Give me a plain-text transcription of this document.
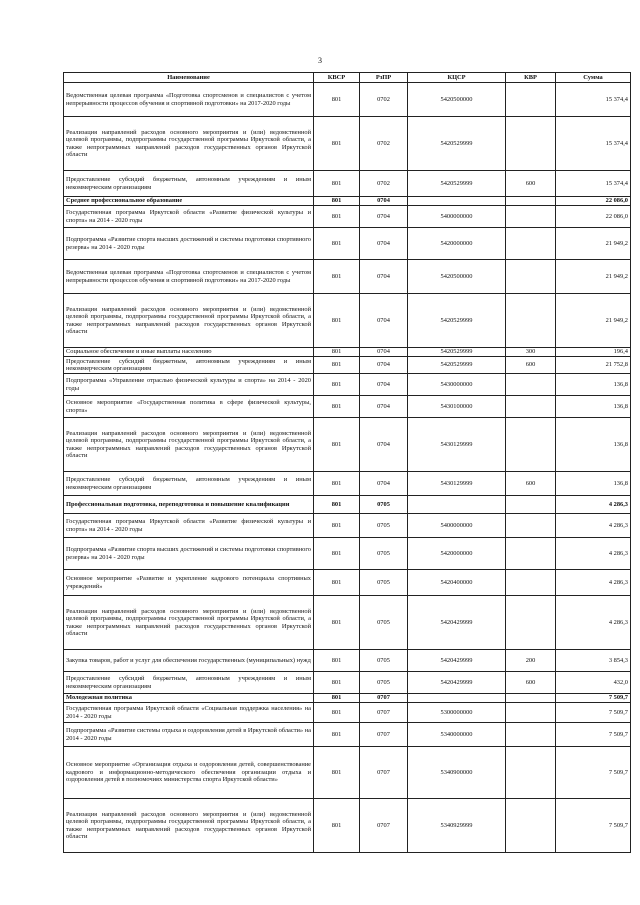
3
Наименование	КВСР	РзПР	КЦСР	КВР	Сумма
Ведомственная целевая программа «Подготовка спортсменов и специалистов с учетом непрерывности процессов обучения и спортивной подготовки» на 2017-2020 годы	801	0702	5420500000		15 374,4
Реализация направлений расходов основного мероприятия и (или) ведомственной целевой программы, подпрограммы государственной программы Иркутской области, а также непрограммных направлений расходов государственных органов Иркутской области	801	0702	5420529999		15 374,4
Предоставление субсидий бюджетным, автономным учреждениям и иным некоммерческим организациям	801	0702	5420529999	600	15 374,4
Среднее профессиональное образование	801	0704			22 086,0
Государственная программа Иркутской области «Развитие физической культуры и спорта» на 2014 - 2020 годы	801	0704	5400000000		22 086,0
Подпрограмма «Развитие спорта высших достижений и системы подготовки спортивного резерва» на 2014 - 2020 годы	801	0704	5420000000		21 949,2
Ведомственная целевая программа «Подготовка спортсменов и специалистов с учетом непрерывности процессов обучения и спортивной подготовки» на 2017-2020 годы	801	0704	5420500000		21 949,2
Реализация направлений расходов основного мероприятия и (или) ведомственной целевой программы, подпрограммы государственной программы Иркутской области, а также непрограммных направлений расходов государственных органов Иркутской области	801	0704	5420529999		21 949,2
Социальное обеспечение и иные выплаты населению	801	0704	5420529999	300	196,4
Предоставление субсидий бюджетным, автономным учреждениям и иным некоммерческим организациям	801	0704	5420529999	600	21 752,8
Подпрограмма «Управление отраслью физической культуры и спорта» на 2014 - 2020 годы	801	0704	5430000000		136,8
Основное мероприятие «Государственная политика в сфере физической культуры, спорта»	801	0704	5430100000		136,8
Реализация направлений расходов основного мероприятия и (или) ведомственной целевой программы, подпрограммы государственной программы Иркутской области, а также непрограммных направлений расходов государственных органов Иркутской области	801	0704	5430129999		136,8
Предоставление субсидий бюджетным, автономным учреждениям и иным некоммерческим организациям	801	0704	5430129999	600	136,8
Профессиональная подготовка, переподготовка и повышение квалификации	801	0705			4 286,3
Государственная программа Иркутской области «Развитие физической культуры и спорта» на 2014 - 2020 годы	801	0705	5400000000		4 286,3
Подпрограмма «Развитие спорта высших достижений и системы подготовки спортивного резерва» на 2014 - 2020 годы	801	0705	5420000000		4 286,3
Основное мероприятие «Развитие и укрепление кадрового потенциала спортивных учреждений»	801	0705	5420400000		4 286,3
Реализация направлений расходов основного мероприятия и (или) ведомственной целевой программы, подпрограммы государственной программы Иркутской области, а также непрограммных направлений расходов государственных органов Иркутской области	801	0705	5420429999		4 286,3
Закупка товаров, работ и услуг для обеспечения государственных (муниципальных) нужд	801	0705	5420429999	200	3 854,3
Предоставление субсидий бюджетным, автономным учреждениям и иным некоммерческим организациям	801	0705	5420429999	600	432,0
Молодежная политика	801	0707			7 509,7
Государственная программа Иркутской области «Социальная поддержка населения» на 2014 - 2020 годы	801	0707	5300000000		7 509,7
Подпрограмма «Развитие системы отдыха и оздоровления детей в Иркутской области» на 2014 - 2020 годы	801	0707	5340000000		7 509,7
Основное мероприятие «Организация отдыха и оздоровления детей, совершенствование кадрового и информационно-методического обеспечения организации отдыха и оздоровления детей в полномочиях министерства спорта Иркутской области»	801	0707	5340900000		7 509,7
Реализация направлений расходов основного мероприятия и (или) ведомственной целевой программы, подпрограммы государственной программы Иркутской области, а также непрограммных направлений расходов государственных органов Иркутской области	801	0707	5340929999		7 509,7
